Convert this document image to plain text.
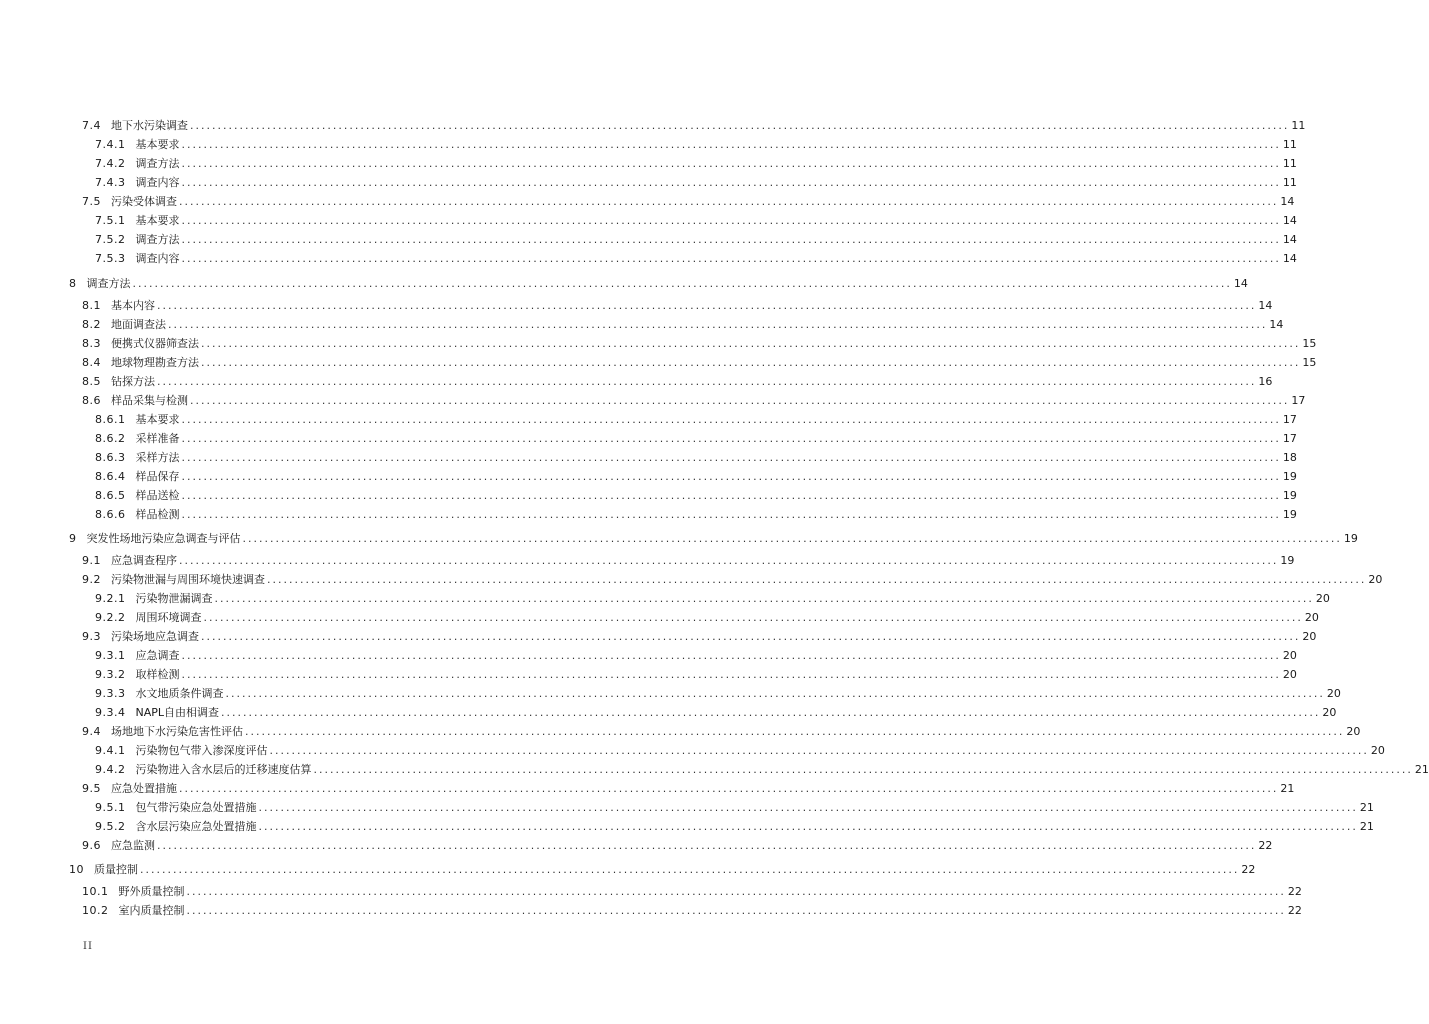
7.4 地下水污染调查 ........................................................................................................................................................................................................ 11
7.4.1 基本要求 ........................................................................................................................................................................................................ 11
7.4.2 调查方法 ........................................................................................................................................................................................................ 11
7.4.3 调查内容 ........................................................................................................................................................................................................ 11
7.5 污染受体调查 ........................................................................................................................................................................................................ 14
7.5.1 基本要求 ........................................................................................................................................................................................................ 14
7.5.2 调查方法 ........................................................................................................................................................................................................ 14
7.5.3 调查内容 ........................................................................................................................................................................................................ 14
8 调查方法 ........................................................................................................................................................................................................ 14
8.1 基本内容 ........................................................................................................................................................................................................ 14
8.2 地面调查法 ........................................................................................................................................................................................................ 14
8.3 便携式仪器筛查法 ........................................................................................................................................................................................................ 15
8.4 地球物理勘查方法 ........................................................................................................................................................................................................ 15
8.5 钻探方法 ........................................................................................................................................................................................................ 16
8.6 样品采集与检测 ........................................................................................................................................................................................................ 17
8.6.1 基本要求 ........................................................................................................................................................................................................ 17
8.6.2 采样准备 ........................................................................................................................................................................................................ 17
8.6.3 采样方法 ........................................................................................................................................................................................................ 18
8.6.4 样品保存 ........................................................................................................................................................................................................ 19
8.6.5 样品送检 ........................................................................................................................................................................................................ 19
8.6.6 样品检测 ........................................................................................................................................................................................................ 19
9 突发性场地污染应急调查与评估 ........................................................................................................................................................................................................ 19
9.1 应急调查程序 ........................................................................................................................................................................................................ 19
9.2 污染物泄漏与周围环境快速调查 ........................................................................................................................................................................................................ 20
9.2.1 污染物泄漏调查 ........................................................................................................................................................................................................ 20
9.2.2 周围环境调查 ........................................................................................................................................................................................................ 20
9.3 污染场地应急调查 ........................................................................................................................................................................................................ 20
9.3.1 应急调查 ........................................................................................................................................................................................................ 20
9.3.2 取样检测 ........................................................................................................................................................................................................ 20
9.3.3 水文地质条件调查 ........................................................................................................................................................................................................ 20
9.3.4 NAPL自由相调查 ........................................................................................................................................................................................................ 20
9.4 场地地下水污染危害性评估 ........................................................................................................................................................................................................ 20
9.4.1 污染物包气带入渗深度评估 ........................................................................................................................................................................................................ 20
9.4.2 污染物进入含水层后的迁移速度估算 ........................................................................................................................................................................................................ 21
9.5 应急处置措施 ........................................................................................................................................................................................................ 21
9.5.1 包气带污染应急处置措施 ........................................................................................................................................................................................................ 21
9.5.2 含水层污染应急处置措施 ........................................................................................................................................................................................................ 21
9.6 应急监测 ........................................................................................................................................................................................................ 22
10 质量控制 ........................................................................................................................................................................................................ 22
10.1 野外质量控制 ........................................................................................................................................................................................................ 22
10.2 室内质量控制 ........................................................................................................................................................................................................ 22
II
